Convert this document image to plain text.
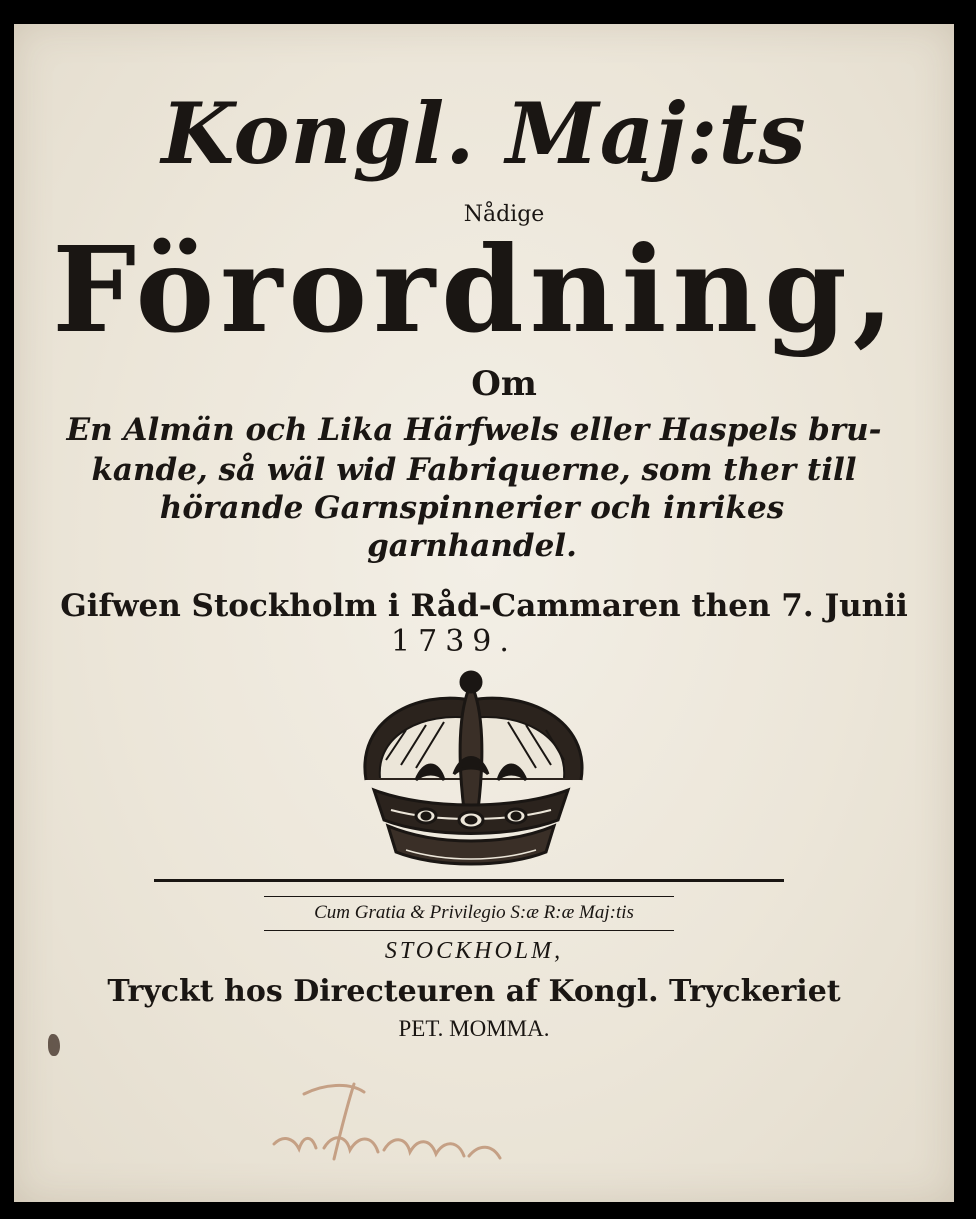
Kongl. Maj:ts
Nådige
Förordning,
Om
En Almän och Lika Härfwels eller Haspels bru-
kande, så wäl wid Fabriquerne, som ther till
hörande Garnspinnerier och inrikes
garnhandel.
Gifwen Stockholm i Råd-Cammaren then 7. Junii
1739.
Cum Gratia & Privilegio S:æ R:æ Maj:tis
STOCKHOLM,
Tryckt hos Directeuren af Kongl. Tryckeriet
PET. MOMMA.
